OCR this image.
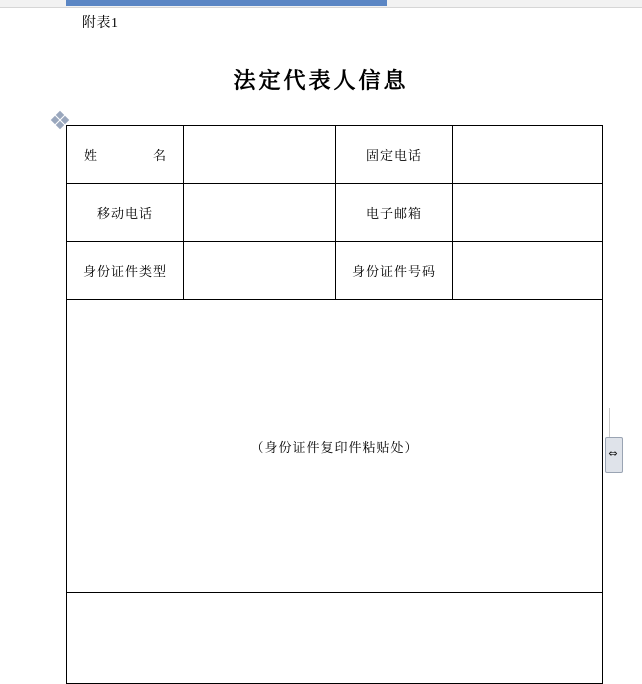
附表1
法定代表人信息
姓　　名		固定电话	
移动电话		电子邮箱	
身份证件类型		身份证件号码	
（身份证件复印件粘贴处）				⇔
